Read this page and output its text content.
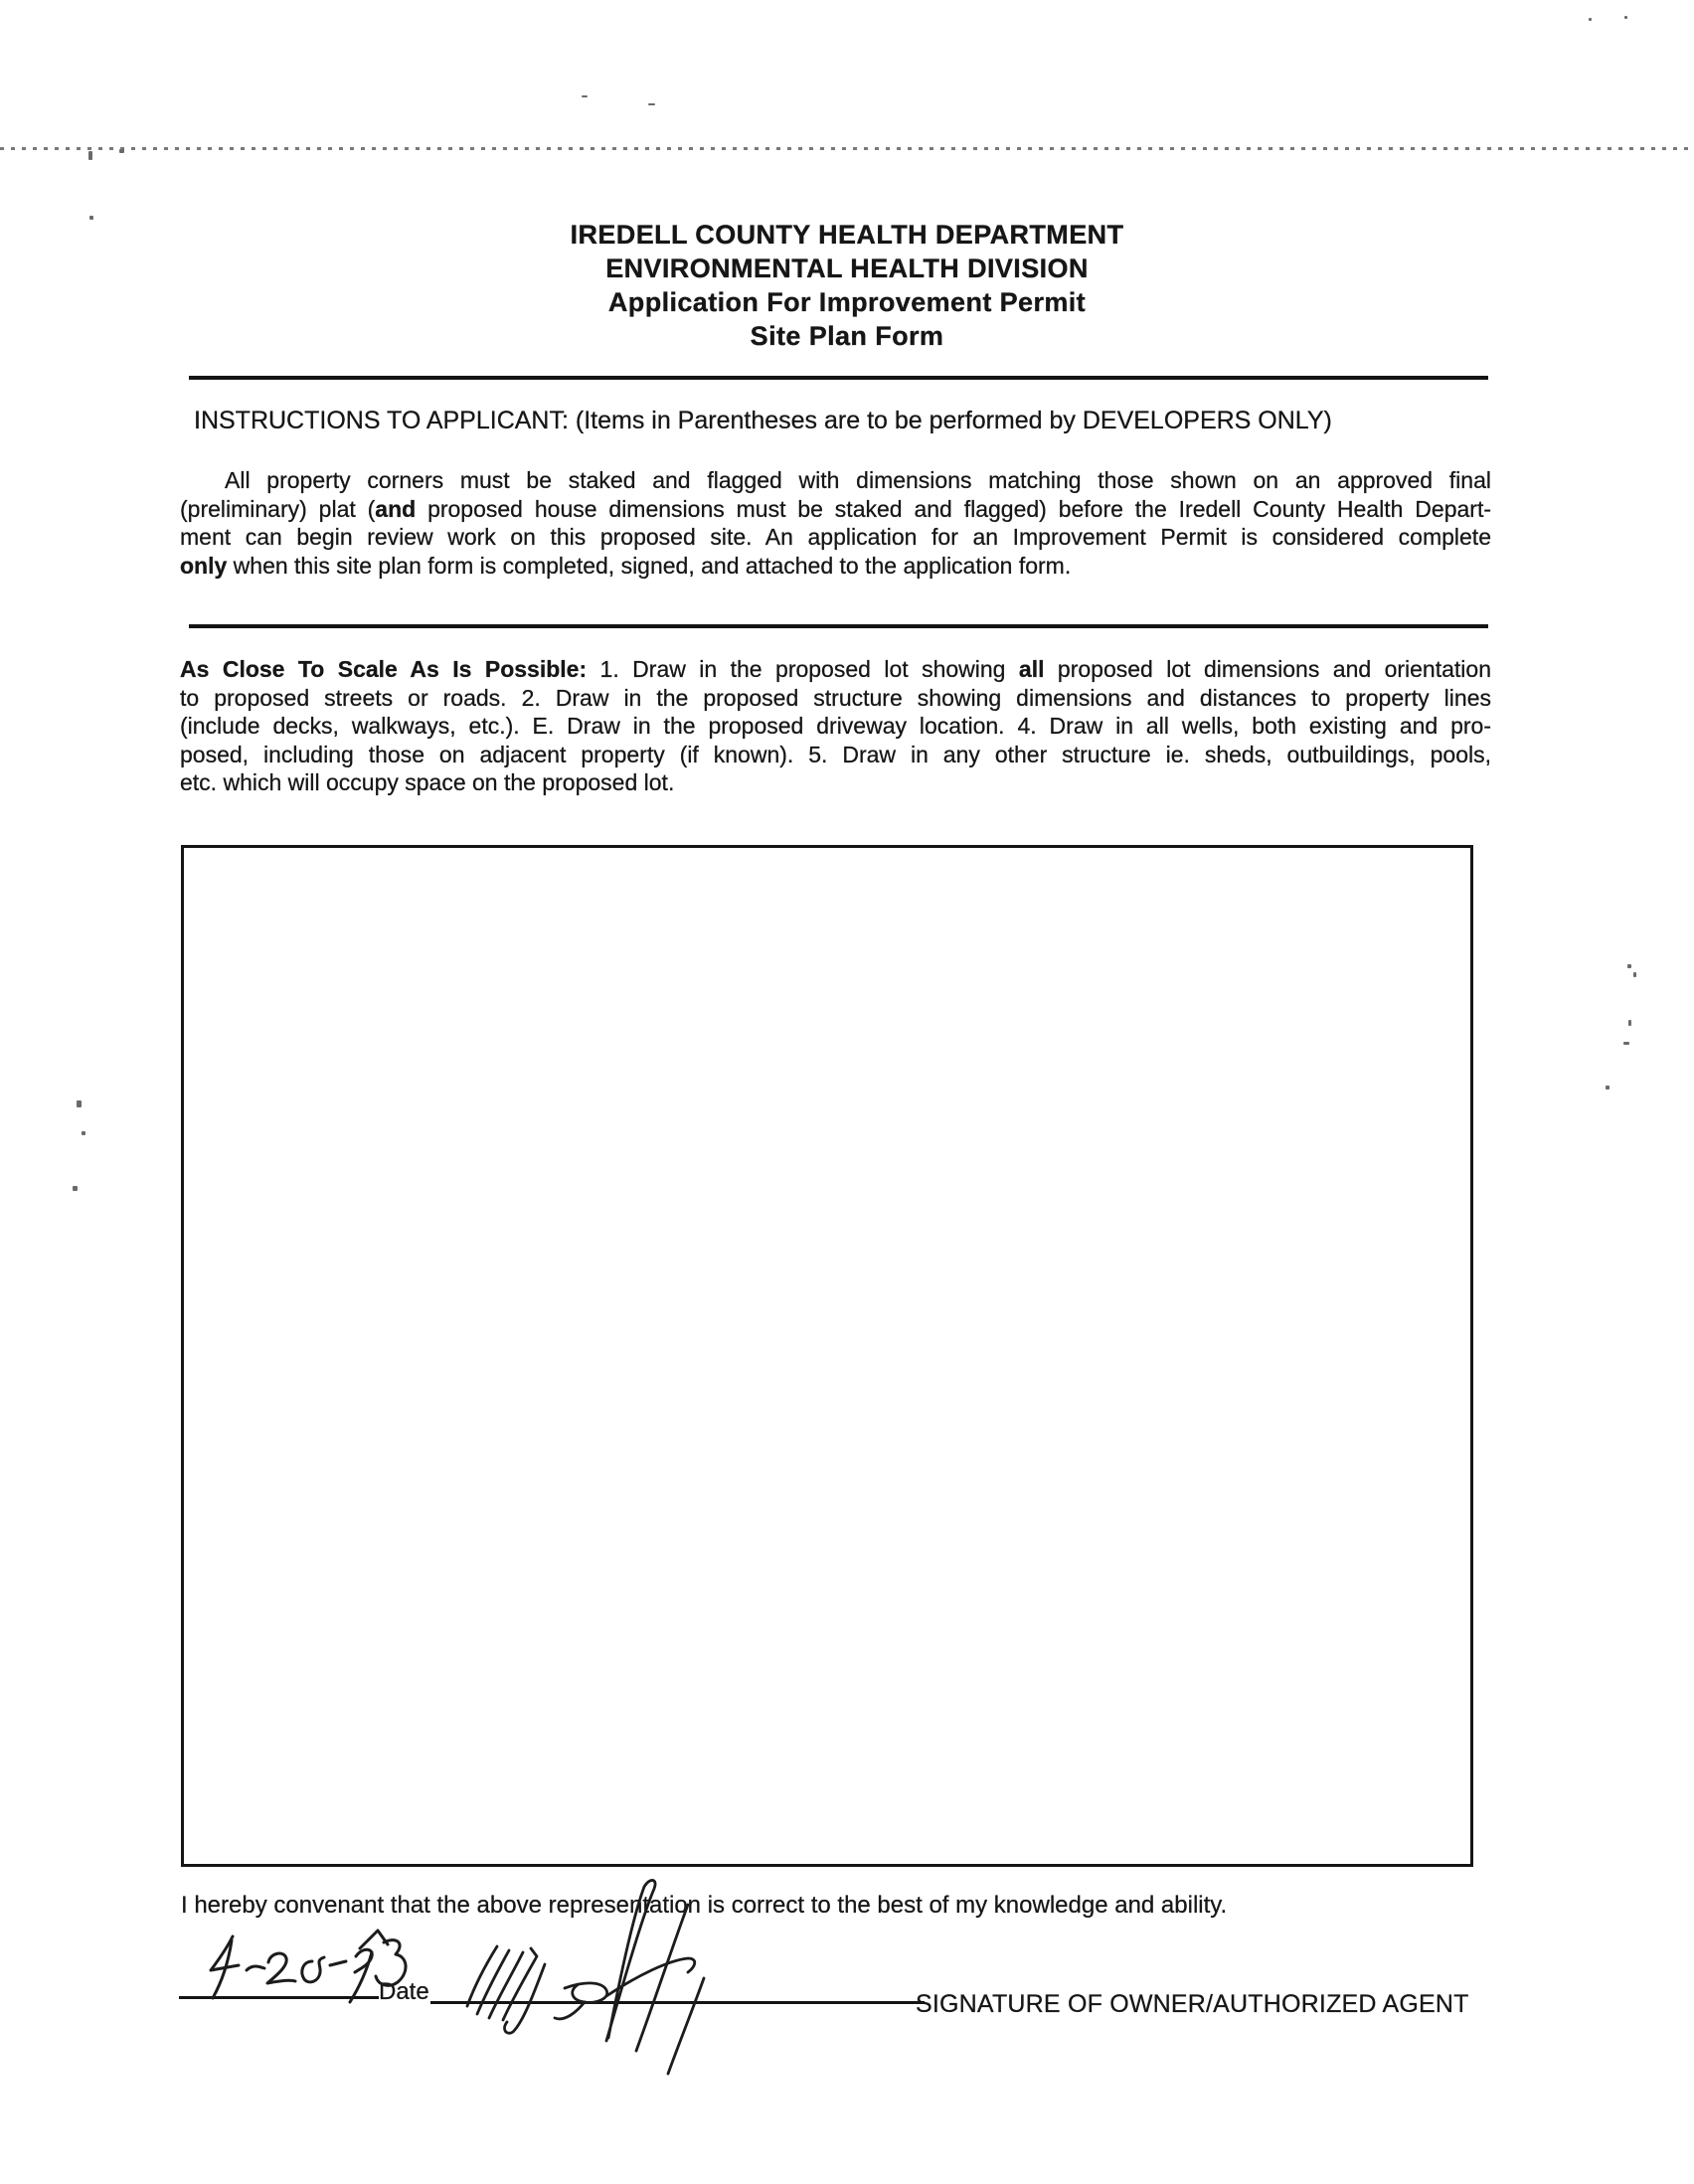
IREDELL COUNTY HEALTH DEPARTMENT
ENVIRONMENTAL HEALTH DIVISION
Application For Improvement Permit
Site Plan Form
INSTRUCTIONS TO APPLICANT: (Items in Parentheses are to be performed by DEVELOPERS ONLY)
All property corners must be staked and flagged with dimensions matching those shown on an approved final
(preliminary) plat (and proposed house dimensions must be staked and flagged) before the Iredell County Health Depart-
ment can begin review work on this proposed site. An application for an Improvement Permit is considered complete
only when this site plan form is completed, signed, and attached to the application form.
As Close To Scale As Is Possible: 1. Draw in the proposed lot showing all proposed lot dimensions and orientation
to proposed streets or roads. 2. Draw in the proposed structure showing dimensions and distances to property lines
(include decks, walkways, etc.). E. Draw in the proposed driveway location. 4. Draw in all wells, both existing and pro-
posed, including those on adjacent property (if known). 5. Draw in any other structure ie. sheds, outbuildings, pools,
etc. which will occupy space on the proposed lot.
I hereby convenant that the above representation is correct to the best of my knowledge and ability.
Date	SIGNATURE OF OWNER/AUTHORIZED AGENT
